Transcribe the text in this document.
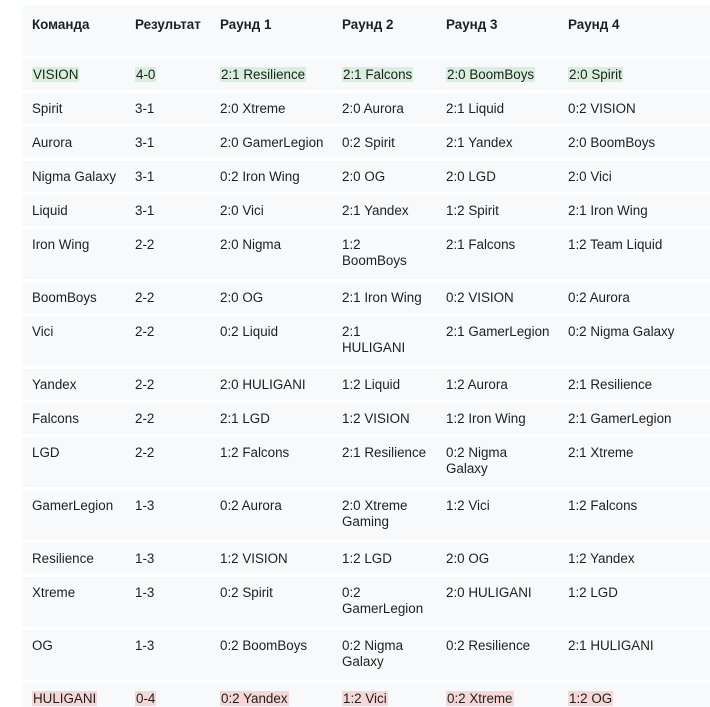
Команда	Результат	Раунд 1	Раунд 2	Раунд 3	Раунд 4
VISION	4-0	2:1 Resilience	2:1 Falcons	2:0 BoomBoys	2:0 Spirit
Spirit	3-1	2:0 Xtreme	2:0 Aurora	2:1 Liquid	0:2 VISION
Aurora	3-1	2:0 GamerLegion	0:2 Spirit	2:1 Yandex	2:0 BoomBoys
Nigma Galaxy	3-1	0:2 Iron Wing	2:0 OG	2:0 LGD	2:0 Vici
Liquid	3-1	2:0 Vici	2:1 Yandex	1:2 Spirit	2:1 Iron Wing
Iron Wing	2-2	2:0 Nigma	1:2 BoomBoys	2:1 Falcons	1:2 Team Liquid
BoomBoys	2-2	2:0 OG	2:1 Iron Wing	0:2 VISION	0:2 Aurora
Vici	2-2	0:2 Liquid	2:1 HULIGANI	2:1 GamerLegion	0:2 Nigma Galaxy
Yandex	2-2	2:0 HULIGANI	1:2 Liquid	1:2 Aurora	2:1 Resilience
Falcons	2-2	2:1 LGD	1:2 VISION	1:2 Iron Wing	2:1 GamerLegion
LGD	2-2	1:2 Falcons	2:1 Resilience	0:2 Nigma Galaxy	2:1 Xtreme
GamerLegion	1-3	0:2 Aurora	2:0 Xtreme Gaming	1:2 Vici	1:2 Falcons
Resilience	1-3	1:2 VISION	1:2 LGD	2:0 OG	1:2 Yandex
Xtreme	1-3	0:2 Spirit	0:2 GamerLegion	2:0 HULIGANI	1:2 LGD
OG	1-3	0:2 BoomBoys	0:2 Nigma Galaxy	0:2 Resilience	2:1 HULIGANI
HULIGANI	0-4	0:2 Yandex	1:2 Vici	0:2 Xtreme	1:2 OG
